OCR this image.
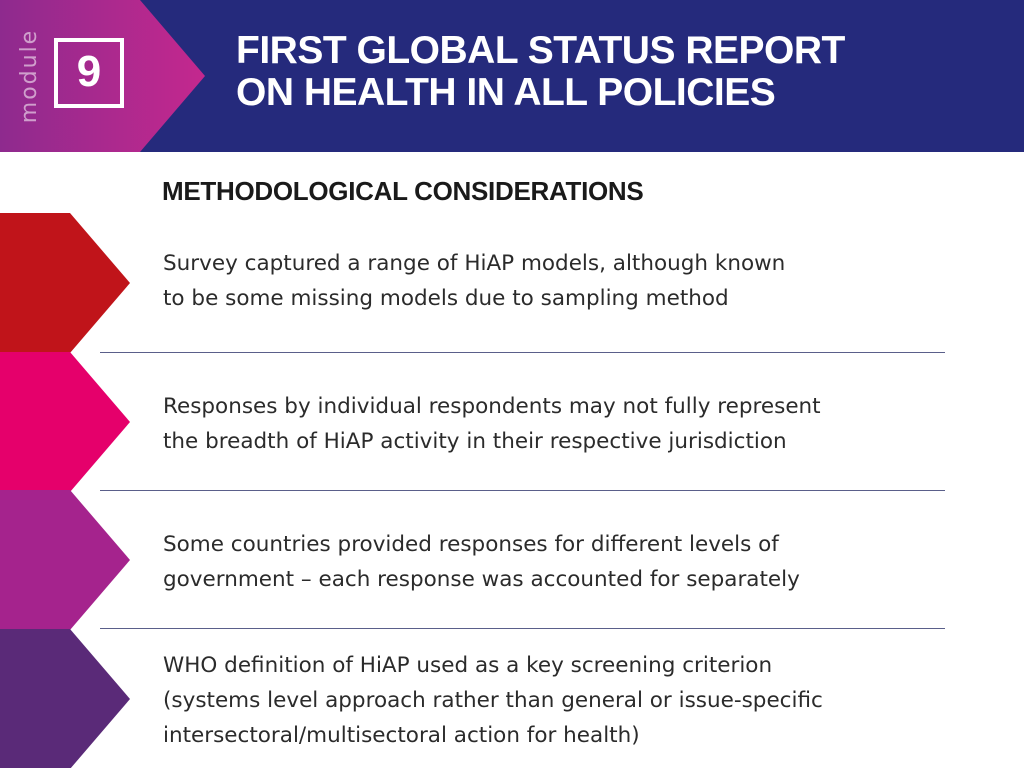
module 9	FIRST GLOBAL STATUS REPORT
ON HEALTH IN ALL POLICIES
METHODOLOGICAL CONSIDERATIONS
Survey captured a range of HiAP models, although known
to be some missing models due to sampling method
Responses by individual respondents may not fully represent
the breadth of HiAP activity in their respective jurisdiction
Some countries provided responses for different levels of
government – each response was accounted for separately
WHO definition of HiAP used as a key screening criterion
(systems level approach rather than general or issue-specific
intersectoral/multisectoral action for health)
